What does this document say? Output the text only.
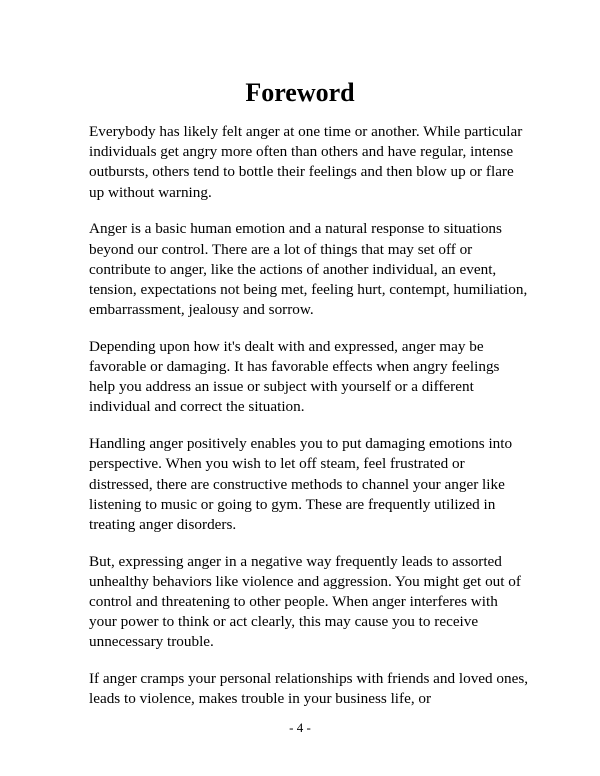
Foreword

Everybody has likely felt anger at one time or another. While particular individuals get angry more often than others and have regular, intense outbursts, others tend to bottle their feelings and then blow up or flare up without warning.

Anger is a basic human emotion and a natural response to situations beyond our control. There are a lot of things that may set off or contribute to anger, like the actions of another individual, an event, tension, expectations not being met, feeling hurt, contempt, humiliation, embarrassment, jealousy and sorrow.

Depending upon how it's dealt with and expressed, anger may be favorable or damaging. It has favorable effects when angry feelings help you address an issue or subject with yourself or a different individual and correct the situation.

Handling anger positively enables you to put damaging emotions into perspective. When you wish to let off steam, feel frustrated or distressed, there are constructive methods to channel your anger like listening to music or going to gym. These are frequently utilized in treating anger disorders.

But, expressing anger in a negative way frequently leads to assorted unhealthy behaviors like violence and aggression. You might get out of control and threatening to other people. When anger interferes with your power to think or act clearly, this may cause you to receive unnecessary trouble.

If anger cramps your personal relationships with friends and loved ones, leads to violence, makes trouble in your business life, or

- 4 -
